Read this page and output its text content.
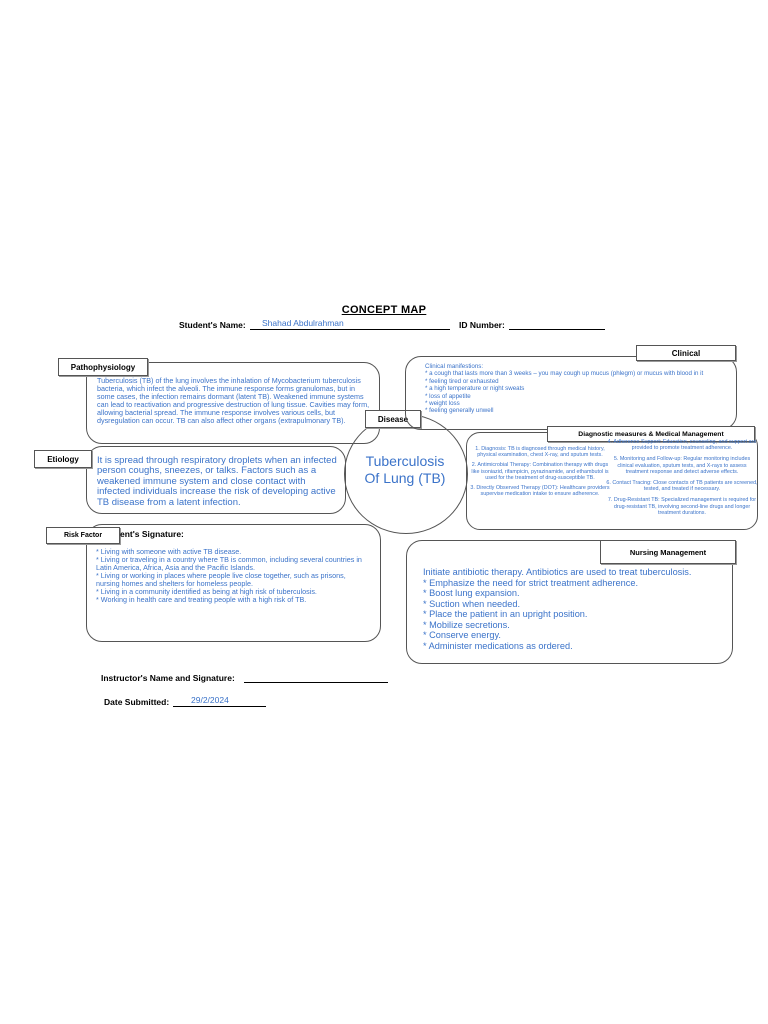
CONCEPT MAP
Student's Name: Shahad Abdulrahman	ID Number:
Tuberculosis
Of Lung (TB)
Pathophysiology
Tuberculosis (TB) of the lung involves the inhalation of Mycobacterium tuberculosis bacteria, which infect the alveoli. The immune response forms granulomas, but in some cases, the infection remains dormant (latent TB). Weakened immune systems can lead to reactivation and progressive destruction of lung tissue. Cavities may form, allowing bacterial spread. The immune response involves various cells, but dysregulation can occur. TB can also affect other organs (extrapulmonary TB).
Etiology	It is spread through respiratory droplets when an infected person coughs, sneezes, or talks. Factors such as a weakened immune system and close contact with infected individuals increase the risk of developing active TB disease from a latent infection.
Risk Factor	ent's Signature:
* Living with someone with active TB disease.
* Living or traveling in a country where TB is common, including several countries in Latin America, Africa, Asia and the Pacific Islands.
* Living or working in places where people live close together, such as prisons, nursing homes and shelters for homeless people.
* Living in a community identified as being at high risk of tuberculosis.
* Working in health care and treating people with a high risk of TB.
Disease
Clinical
Clinical manifestions:
* a cough that lasts more than 3 weeks – you may cough up mucus (phlegm) or mucus with blood in it
* feeling tired or exhausted
* a high temperature or night sweats
* loss of appetite
* weight loss
* feeling generally unwell
Diagnostic measures & Medical Management
1. Diagnosis: TB is diagnosed through medical history, physical examination, chest X-ray, and sputum tests.
2. Antimicrobial Therapy: Combination therapy with drugs like isoniazid, rifampicin, pyrazinamide, and ethambutol is used for the treatment of drug-susceptible TB.
3. Directly Observed Therapy (DOT): Healthcare providers supervise medication intake to ensure adherence.
4. Adherence Support: Education, counseling, and support are provided to promote treatment adherence.
5. Monitoring and Follow-up: Regular monitoring includes clinical evaluation, sputum tests, and X-rays to assess treatment response and detect adverse effects.
6. Contact Tracing: Close contacts of TB patients are screened, tested, and treated if necessary.
7. Drug-Resistant TB: Specialized management is required for drug-resistant TB, involving second-line drugs and longer treatment durations.
Nursing Management
Initiate antibiotic therapy. Antibiotics are used to treat tuberculosis.
* Emphasize the need for strict treatment adherence.
* Boost lung expansion.
* Suction when needed.
* Place the patient in an upright position.
* Mobilize secretions.
* Conserve energy.
* Administer medications as ordered.
Instructor's Name and Signature:
Date Submitted:	29/2/2024
